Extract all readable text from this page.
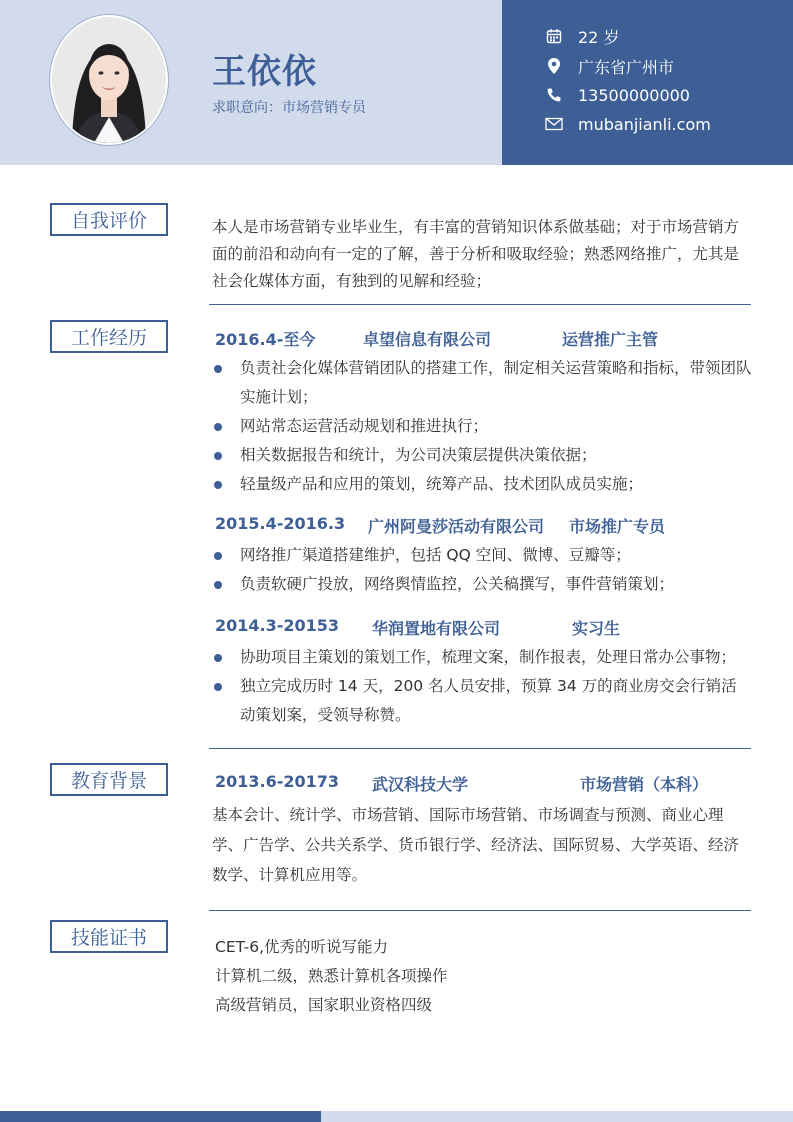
王依依
求职意向：市场营销专员
22 岁
广东省广州市
13500000000
mubanjianli.com
自我评价	本人是市场营销专业毕业生，有丰富的营销知识体系做基础；对于市场营销方面的前沿和动向有一定的了解，善于分析和吸取经验；熟悉网络推广，尤其是社会化媒体方面，有独到的见解和经验；
工作经历	2016.4-至今	卓望信息有限公司	运营推广主管
负责社会化媒体营销团队的搭建工作，制定相关运营策略和指标，带领团队实施计划；
网站常态运营活动规划和推进执行；
相关数据报告和统计，为公司决策层提供决策依据；
轻量级产品和应用的策划，统筹产品、技术团队成员实施；
2015.4-2016.3 广州阿曼莎活动有限公司 市场推广专员
网络推广渠道搭建维护，包括 QQ 空间、微博、豆瓣等；
负责软硬广投放，网络舆情监控，公关稿撰写，事件营销策划；
2014.3-20153 华润置地有限公司	实习生
协助项目主策划的策划工作，梳理文案，制作报表，处理日常办公事物；
独立完成历时 14 天，200 名人员安排，预算 34 万的商业房交会行销活动策划案，受领导称赞。
教育背景	2013.6-20173 武汉科技大学	市场营销（本科）
基本会计、统计学、市场营销、国际市场营销、市场调查与预测、商业心理学、广告学、公共关系学、货币银行学、经济法、国际贸易、大学英语、经济数学、计算机应用等。
技能证书	CET-6,优秀的听说写能力
计算机二级，熟悉计算机各项操作
高级营销员，国家职业资格四级
